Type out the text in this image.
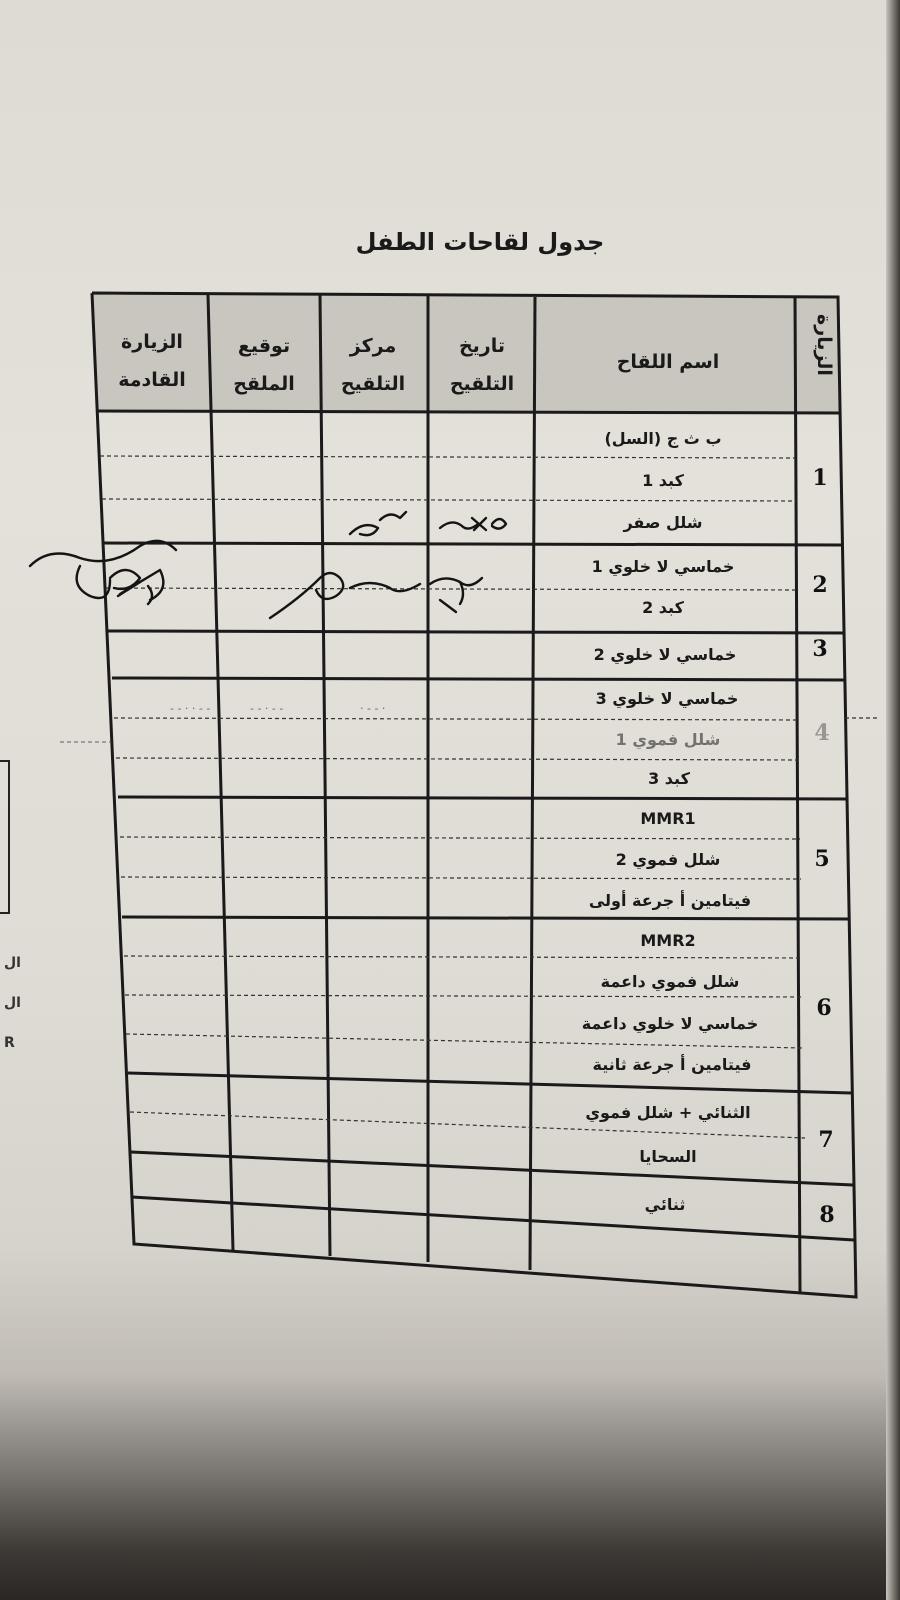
ال
ال
R
جدول لقاحات الطفل
الزيارة
اسم اللقاح
تاريخ
التلقيح
مركز
التلقيح
توقيع
الملقح
الزيارة
القادمة
1
2
3
4
5
6
7
8
ب ث ج (السل)
كبد 1
شلل صفر
خماسي لا خلوي 1
كبد 2
خماسي لا خلوي 2
خماسي لا خلوي 3
شلل فموي 1
كبد 3
MMR1
شلل فموي 2
فيتامين أ جرعة أولى
MMR2
شلل فموي داعمة
خماسي لا خلوي داعمة
فيتامين أ جرعة ثانية
الثنائي + شلل فموي
السحايا
ثنائي
- - · · - -	- - · - -	· - - ·
